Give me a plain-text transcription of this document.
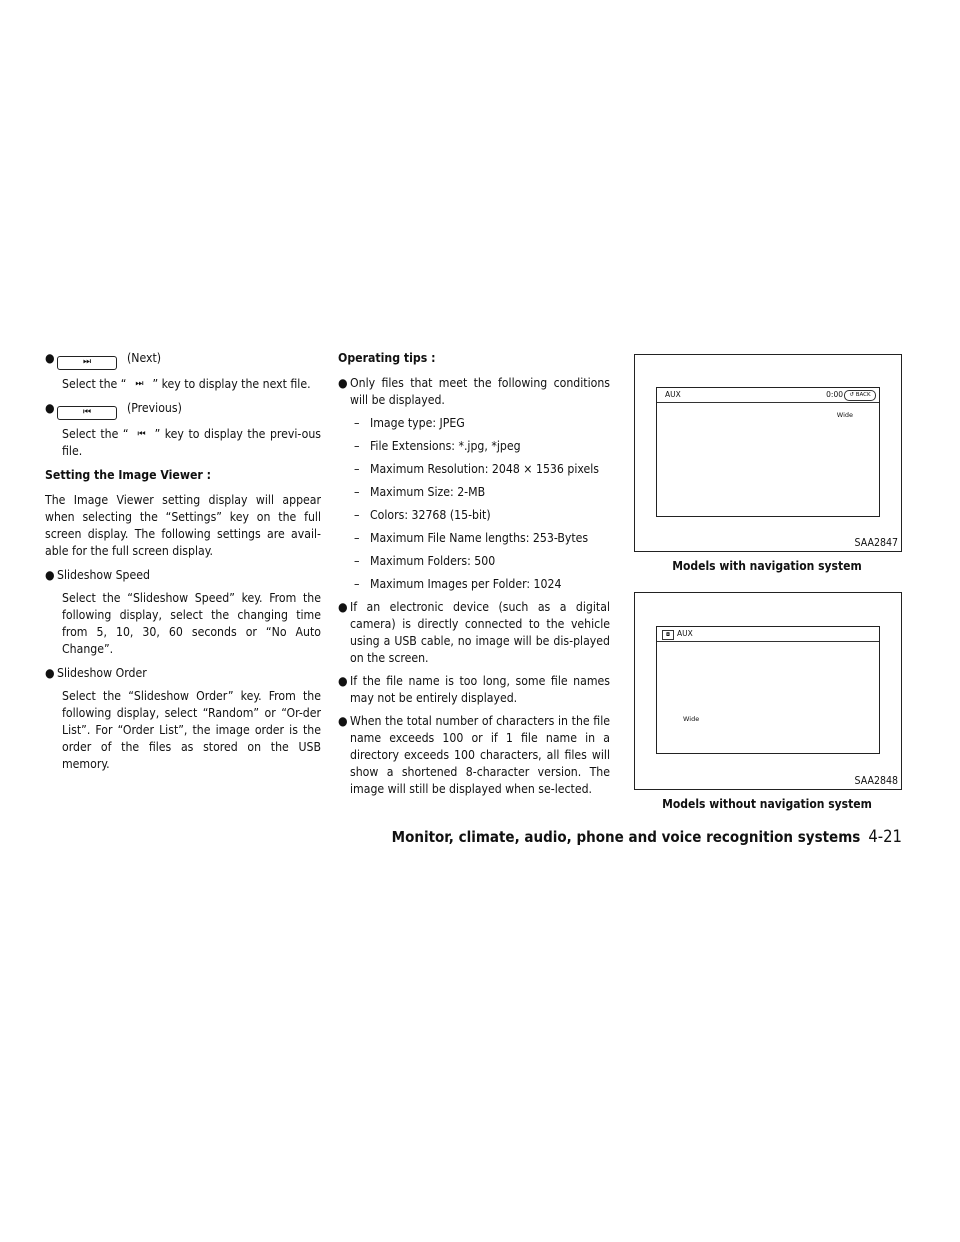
●	⏭	(Next)

Select the “ ⏭ ” key to display the next file.

●	⏮	(Previous)

Select the “ ⏮ ” key to display the previ-ous file.

Setting the Image Viewer :

The Image Viewer setting display will appear when selecting the “Settings” key on the full screen display. The following settings are avail-able for the full screen display.

● Slideshow Speed

Select the “Slideshow Speed” key. From the following display, select the changing time from 5, 10, 30, 60 seconds or “No Auto Change”.

● Slideshow Order

Select the “Slideshow Order” key. From the following display, select “Random” or “Or-der List”. For “Order List”, the image order is the order of the files as stored on the USB memory.

Operating tips :

● Only files that meet the following conditions will be displayed.
– Image type: JPEG
– File Extensions: *.jpg, *jpeg
– Maximum Resolution: 2048 × 1536 pixels
– Maximum Size: 2-MB
– Colors: 32768 (15-bit)
– Maximum File Name lengths: 253-Bytes
– Maximum Folders: 500
– Maximum Images per Folder: 1024
● If an electronic device (such as a digital camera) is directly connected to the vehicle using a USB cable, no image will be dis-played on the screen.
● If the file name is too long, some file names may not be entirely displayed.
● When the total number of characters in the file name exceeds 100 or if 1 file name in a directory exceeds 100 characters, all files will show a shortened 8-character version. The image will still be displayed when se-lected.
AUX	0:00	↺ BACK
Wide
SAA2847
Models with navigation system
◘ AUX
Wide
SAA2848
Models without navigation system
Monitor, climate, audio, phone and voice recognition systems 4-21
